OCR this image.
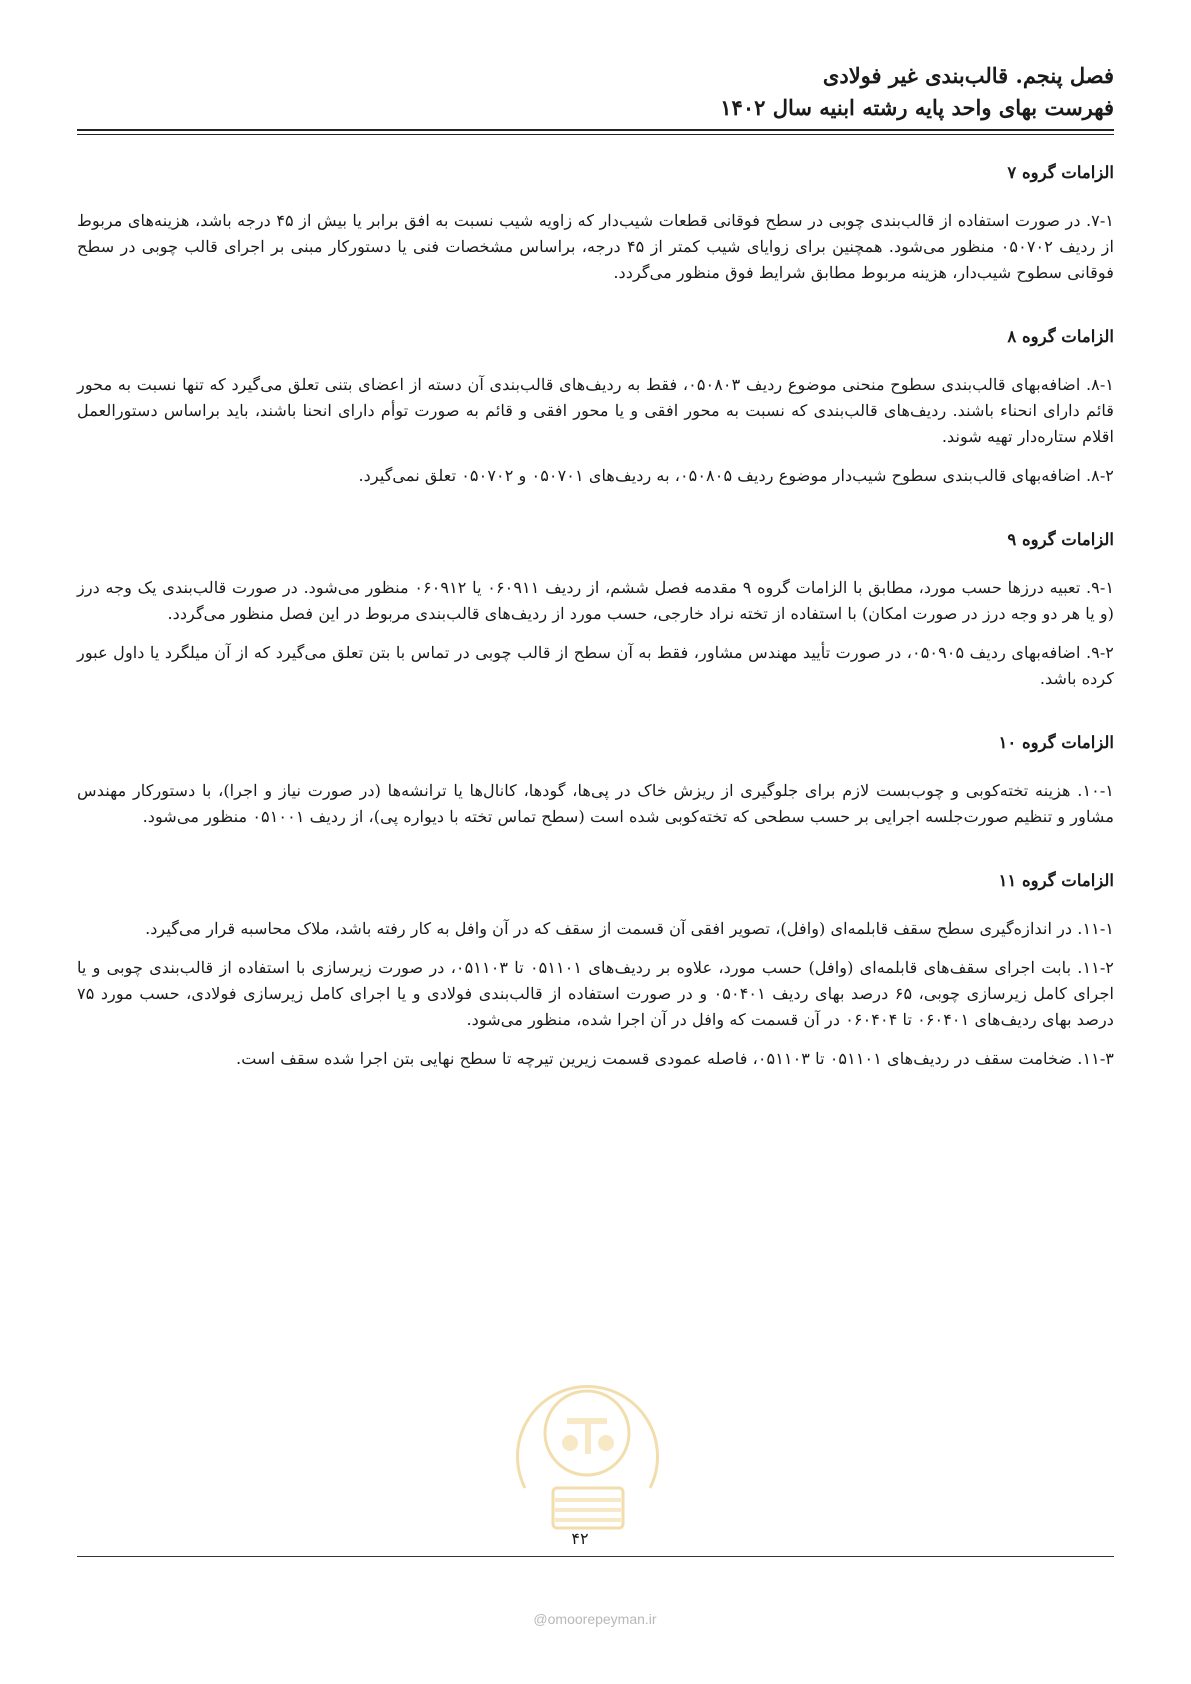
فصل پنجم. قالب‌بندی غیر فولادی
فهرست بهای واحد پایه رشته ابنیه سال ۱۴۰۲
الزامات گروه ۷
۷-۱. در صورت استفاده از قالب‌بندی چوبی در سطح فوقانی قطعات شیب‌دار که زاویه شیب نسبت به افق برابر یا بیش از ۴۵ درجه باشد، هزینه‌های مربوط از ردیف ۰۵۰۷۰۲ منظور می‌شود. همچنین برای زوایای شیب کمتر از ۴۵ درجه، براساس مشخصات فنی یا دستورکار مبنی بر اجرای قالب چوبی در سطح فوقانی سطوح شیب‌دار، هزینه مربوط مطابق شرایط فوق منظور می‌گردد.
الزامات گروه ۸
۸-۱. اضافه‌بهای قالب‌بندی سطوح منحنی موضوع ردیف ۰۵۰۸۰۳، فقط به ردیف‌های قالب‌بندی آن دسته از اعضای بتنی تعلق می‌گیرد که تنها نسبت به محور قائم دارای انحناء باشند. ردیف‌های قالب‌بندی که نسبت به محور افقی و یا محور افقی و قائم به صورت توأم دارای انحنا باشند، باید براساس دستورالعمل اقلام ستاره‌دار تهیه شوند.
۸-۲. اضافه‌بهای قالب‌بندی سطوح شیب‌دار موضوع ردیف ۰۵۰۸۰۵، به ردیف‌های ۰۵۰۷۰۱ و ۰۵۰۷۰۲ تعلق نمی‌گیرد.
الزامات گروه ۹
۹-۱. تعبیه درزها حسب مورد، مطابق با الزامات گروه ۹ مقدمه فصل ششم، از ردیف ۰۶۰۹۱۱ یا ۰۶۰۹۱۲ منظور می‌شود. در صورت قالب‌بندی یک وجه درز (و یا هر دو وجه درز در صورت امکان) با استفاده از تخته نراد خارجی، حسب مورد از ردیف‌های قالب‌بندی مربوط در این فصل منظور می‌گردد.
۹-۲. اضافه‌بهای ردیف ۰۵۰۹۰۵، در صورت تأیید مهندس مشاور، فقط به آن سطح از قالب چوبی در تماس با بتن تعلق می‌گیرد که از آن میلگرد یا داول عبور کرده باشد.
الزامات گروه ۱۰
۱۰-۱. هزینه تخته‌کوبی و چوب‌بست لازم برای جلوگیری از ریزش خاک در پی‌ها، گودها، کانال‌ها یا ترانشه‌ها (در صورت نیاز و اجرا)، با دستورکار مهندس مشاور و تنظیم صورت‌جلسه اجرایی بر حسب سطحی که تخته‌کوبی شده است (سطح تماس تخته با دیواره پی)، از ردیف ۰۵۱۰۰۱ منظور می‌شود.
الزامات گروه ۱۱
۱۱-۱. در اندازه‌گیری سطح سقف قابلمه‌ای (وافل)، تصویر افقی آن قسمت از سقف که در آن وافل به کار رفته باشد، ملاک محاسبه قرار می‌گیرد.
۱۱-۲. بابت اجرای سقف‌های قابلمه‌ای (وافل) حسب مورد، علاوه بر ردیف‌های ۰۵۱۱۰۱ تا ۰۵۱۱۰۳، در صورت زیرسازی با استفاده از قالب‌بندی چوبی و یا اجرای کامل زیرسازی چوبی، ۶۵ درصد بهای ردیف ۰۵۰۴۰۱ و در صورت استفاده از قالب‌بندی فولادی و یا اجرای کامل زیرسازی فولادی، حسب مورد ۷۵ درصد بهای ردیف‌های ۰۶۰۴۰۱ تا ۰۶۰۴۰۴ در آن قسمت که وافل در آن اجرا شده، منظور می‌شود.
۱۱-۳. ضخامت سقف در ردیف‌های ۰۵۱۱۰۱ تا ۰۵۱۱۰۳، فاصله عمودی قسمت زیرین تیرچه تا سطح نهایی بتن اجرا شده سقف است.
۴۲
@omoorepeyman.ir
